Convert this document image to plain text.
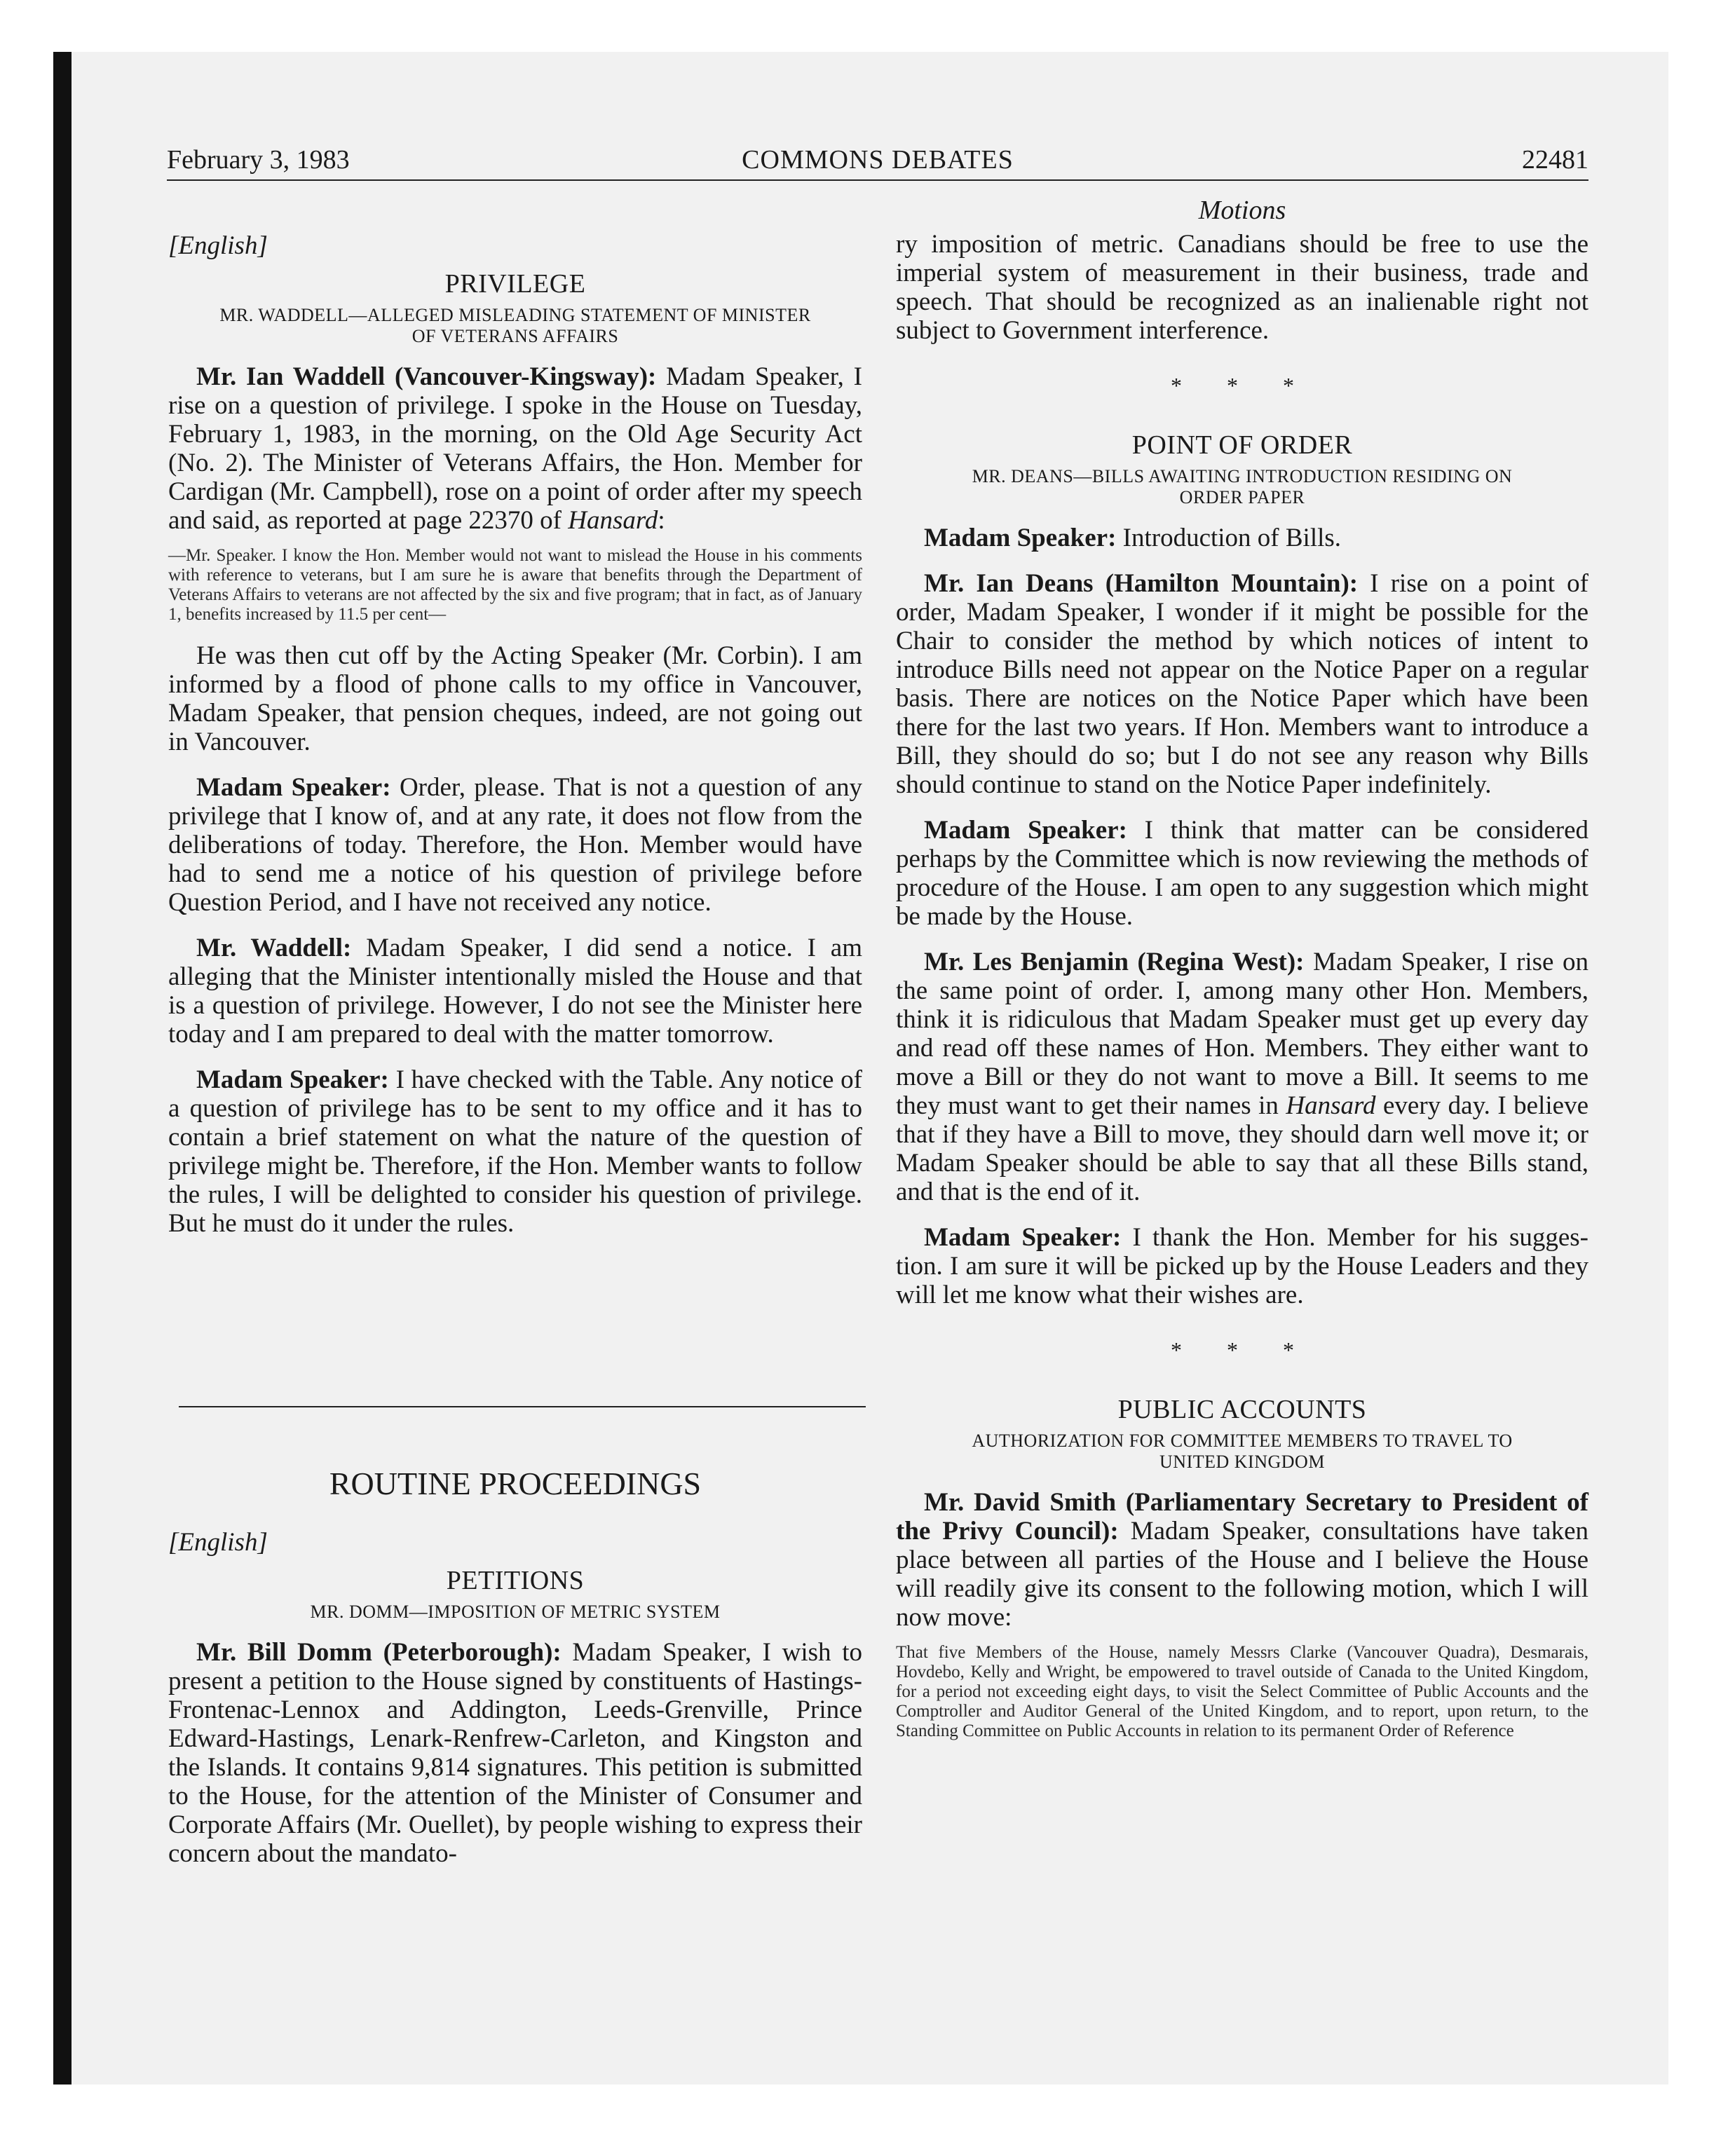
February 3, 1983	COMMONS DEBATES	22481
Motions

[English]

PRIVILEGE
MR. WADDELL—ALLEGED MISLEADING STATEMENT OF MINISTER OF VETERANS AFFAIRS

Mr. Ian Waddell (Vancouver-Kingsway): Madam Speaker, I rise on a question of privilege. I spoke in the House on Tuesday, February 1, 1983, in the morning, on the Old Age Security Act (No. 2). The Minister of Veterans Affairs, the Hon. Member for Cardigan (Mr. Campbell), rose on a point of order after my speech and said, as reported at page 22370 of Hansard:

—Mr. Speaker. I know the Hon. Member would not want to mislead the House in his comments with reference to veterans, but I am sure he is aware that benefits through the Department of Veterans Affairs to veterans are not affected by the six and five program; that in fact, as of January 1, benefits increased by 11.5 per cent—

He was then cut off by the Acting Speaker (Mr. Corbin). I am informed by a flood of phone calls to my office in Vancouver, Madam Speaker, that pension cheques, indeed, are not going out in Vancouver.

Madam Speaker: Order, please. That is not a question of any privilege that I know of, and at any rate, it does not flow from the deliberations of today. Therefore, the Hon. Member would have had to send me a notice of his question of privilege before Question Period, and I have not received any notice.

Mr. Waddell: Madam Speaker, I did send a notice. I am alleging that the Minister intentionally misled the House and that is a question of privilege. However, I do not see the Minister here today and I am prepared to deal with the matter tomorrow.

Madam Speaker: I have checked with the Table. Any notice of a question of privilege has to be sent to my office and it has to contain a brief statement on what the nature of the question of privilege might be. Therefore, if the Hon. Member wants to follow the rules, I will be delighted to consider his question of privilege. But he must do it under the rules.

ROUTINE PROCEEDINGS

[English]

PETITIONS
MR. DOMM—IMPOSITION OF METRIC SYSTEM

Mr. Bill Domm (Peterborough): Madam Speaker, I wish to present a petition to the House signed by constituents of Hastings-Frontenac-Lennox and Addington, Leeds-Grenville, Prince Edward-Hastings, Lenark-Renfrew-Carleton, and Kingston and the Islands. It contains 9,814 signatures. This petition is submitted to the House, for the attention of the Minister of Consumer and Corporate Affairs (Mr. Ouellet), by people wishing to express their concern about the mandato-

ry imposition of metric. Canadians should be free to use the imperial system of measurement in their business, trade and speech. That should be recognized as an inalienable right not subject to Government interference.

* * *
POINT OF ORDER
MR. DEANS—BILLS AWAITING INTRODUCTION RESIDING ON ORDER PAPER

Madam Speaker: Introduction of Bills.

Mr. Ian Deans (Hamilton Mountain): I rise on a point of order, Madam Speaker, I wonder if it might be possible for the Chair to consider the method by which notices of intent to introduce Bills need not appear on the Notice Paper on a regular basis. There are notices on the Notice Paper which have been there for the last two years. If Hon. Members want to introduce a Bill, they should do so; but I do not see any reason why Bills should continue to stand on the Notice Paper indefinitely.

Madam Speaker: I think that matter can be considered perhaps by the Committee which is now reviewing the methods of procedure of the House. I am open to any suggestion which might be made by the House.

Mr. Les Benjamin (Regina West): Madam Speaker, I rise on the same point of order. I, among many other Hon. Members, think it is ridiculous that Madam Speaker must get up every day and read off these names of Hon. Members. They either want to move a Bill or they do not want to move a Bill. It seems to me they must want to get their names in Hansard every day. I believe that if they have a Bill to move, they should darn well move it; or Madam Speaker should be able to say that all these Bills stand, and that is the end of it.

Madam Speaker: I thank the Hon. Member for his sugges-tion. I am sure it will be picked up by the House Leaders and they will let me know what their wishes are.

* * *
PUBLIC ACCOUNTS
AUTHORIZATION FOR COMMITTEE MEMBERS TO TRAVEL TO UNITED KINGDOM

Mr. David Smith (Parliamentary Secretary to President of the Privy Council): Madam Speaker, consultations have taken place between all parties of the House and I believe the House will readily give its consent to the following motion, which I will now move:

That five Members of the House, namely Messrs Clarke (Vancouver Quadra), Desmarais, Hovdebo, Kelly and Wright, be empowered to travel outside of Canada to the United Kingdom, for a period not exceeding eight days, to visit the Select Committee of Public Accounts and the Comptroller and Auditor General of the United Kingdom, and to report, upon return, to the Standing Committee on Public Accounts in relation to its permanent Order of Reference
